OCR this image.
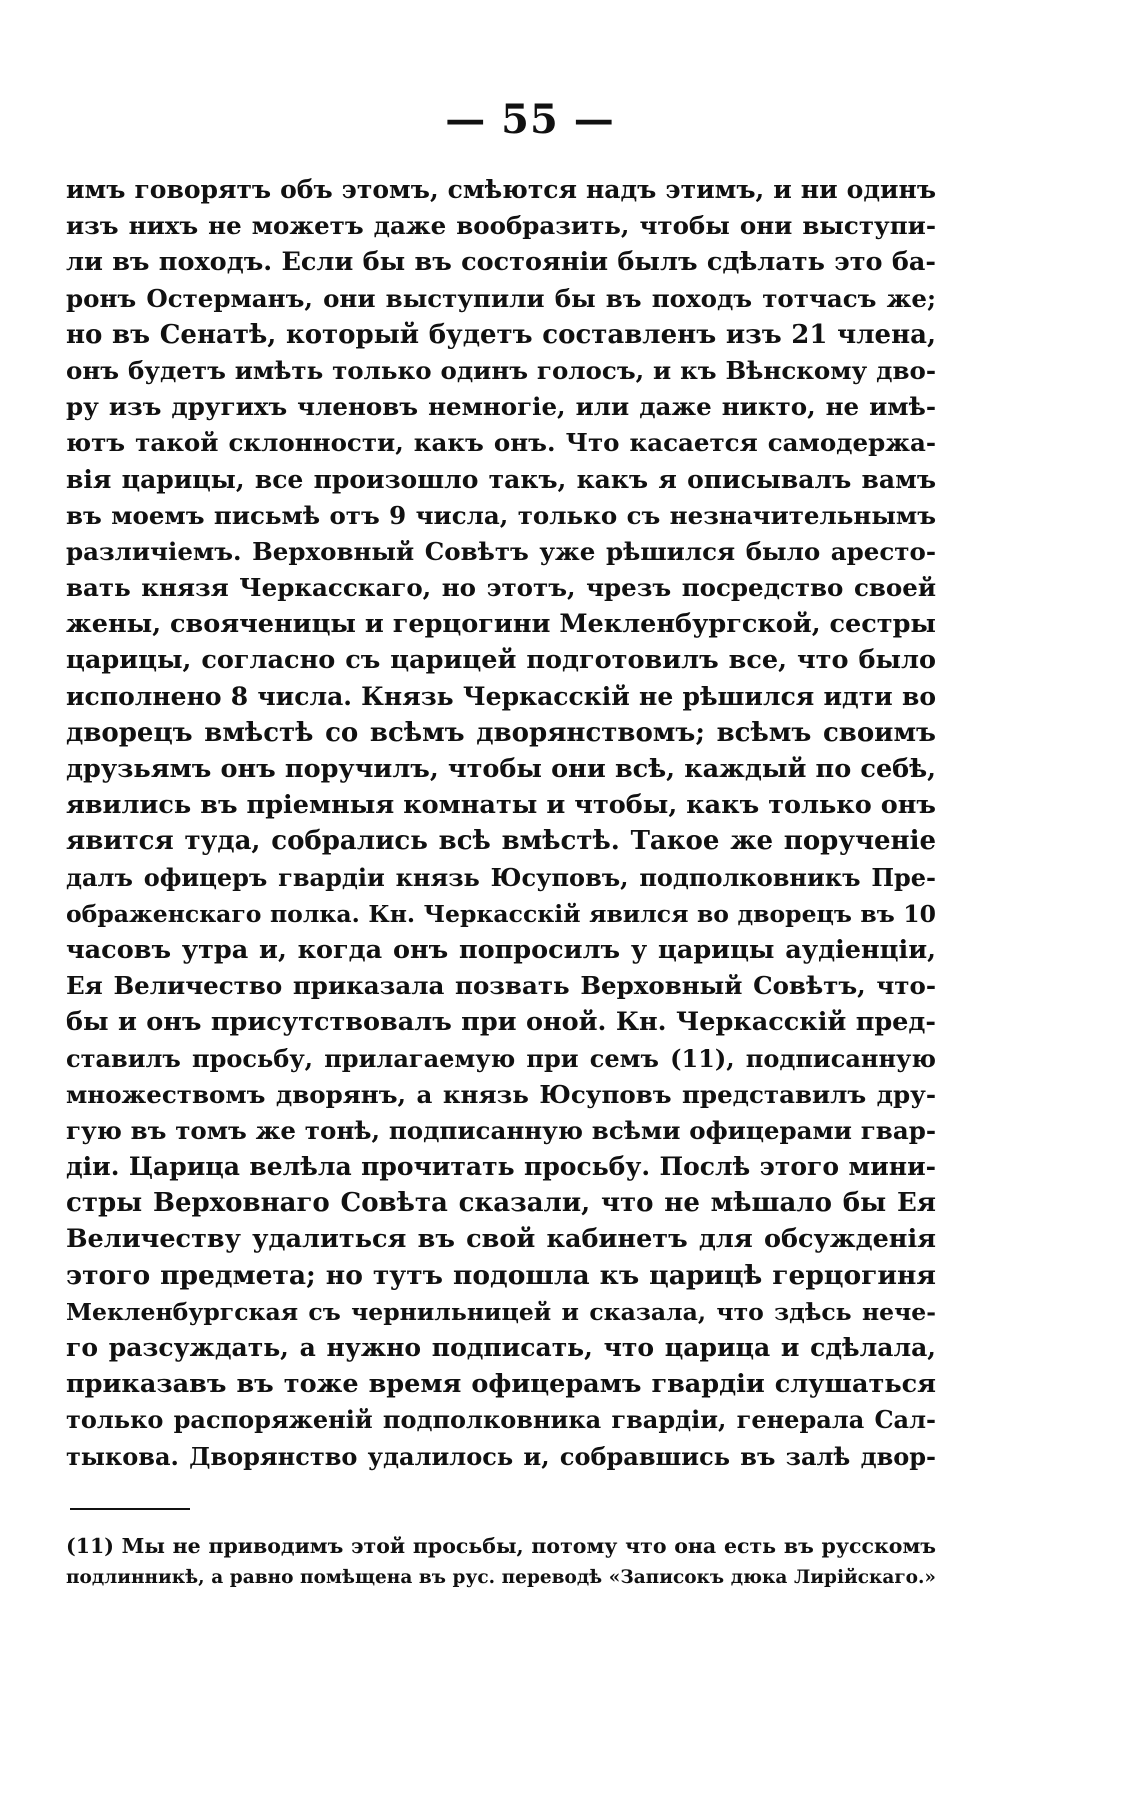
— 55 —
имъ говорятъ объ этомъ, смѣются надъ этимъ, и ни одинъ
изъ нихъ не можетъ даже вообразить, чтобы они выступи-
ли въ походъ. Если бы въ состоянiи былъ сдѣлать это ба-
ронъ Остерманъ, они выступили бы въ походъ тотчасъ же;
но въ Сенатѣ, который будетъ составленъ изъ 21 члена,
онъ будетъ имѣть только одинъ голосъ, и къ Вѣнскому дво-
ру изъ другихъ членовъ немногiе, или даже никто, не имѣ-
ютъ такой склонности, какъ онъ. Что касается самодержа-
вiя царицы, все произошло такъ, какъ я описывалъ вамъ
въ моемъ письмѣ отъ 9 числа, только съ незначительнымъ
различiемъ. Верховный Совѣтъ уже рѣшился было аресто-
вать князя Черкасскаго, но этотъ, чрезъ посредство своей
жены, свояченицы и герцогини Мекленбургской, сестры
царицы, согласно съ царицей подготовилъ все, что было
исполнено 8 числа. Князь Черкасскiй не рѣшился идти во
дворецъ вмѣстѣ со всѣмъ дворянствомъ; всѣмъ своимъ
друзьямъ онъ поручилъ, чтобы они всѣ, каждый по себѣ,
явились въ прiемныя комнаты и чтобы, какъ только онъ
явится туда, собрались всѣ вмѣстѣ. Такое же порученiе
далъ офицеръ гвардiи князь Юсуповъ, подполковникъ Пре-
ображенскаго полка. Кн. Черкасскiй явился во дворецъ въ 10
часовъ утра и, когда онъ попросилъ у царицы аудiенцiи,
Ея Величество приказала позвать Верховный Совѣтъ, что-
бы и онъ присутствовалъ при оной. Кн. Черкасскiй пред-
ставилъ просьбу, прилагаемую при семъ (11), подписанную
множествомъ дворянъ, а князь Юсуповъ представилъ дру-
гую въ томъ же тонѣ, подписанную всѣми офицерами гвар-
дiи. Царица велѣла прочитать просьбу. Послѣ этого мини-
стры Верховнаго Совѣта сказали, что не мѣшало бы Ея
Величеству удалиться въ свой кабинетъ для обсужденiя
этого предмета; но тутъ подошла къ царицѣ герцогиня
Мекленбургская съ чернильницей и сказала, что здѣсь нече-
го разсуждать, а нужно подписать, что царица и сдѣлала,
приказавъ въ тоже время офицерамъ гвардiи слушаться
только распоряженiй подполковника гвардiи, генерала Сал-
тыкова. Дворянство удалилось и, собравшись въ залѣ двор-
(11) Мы не приводимъ этой просьбы, потому что она есть въ русскомъ
подлинникѣ, а равно помѣщена въ рус. переводѣ «Записокъ дюка Лирiйскаго.»
